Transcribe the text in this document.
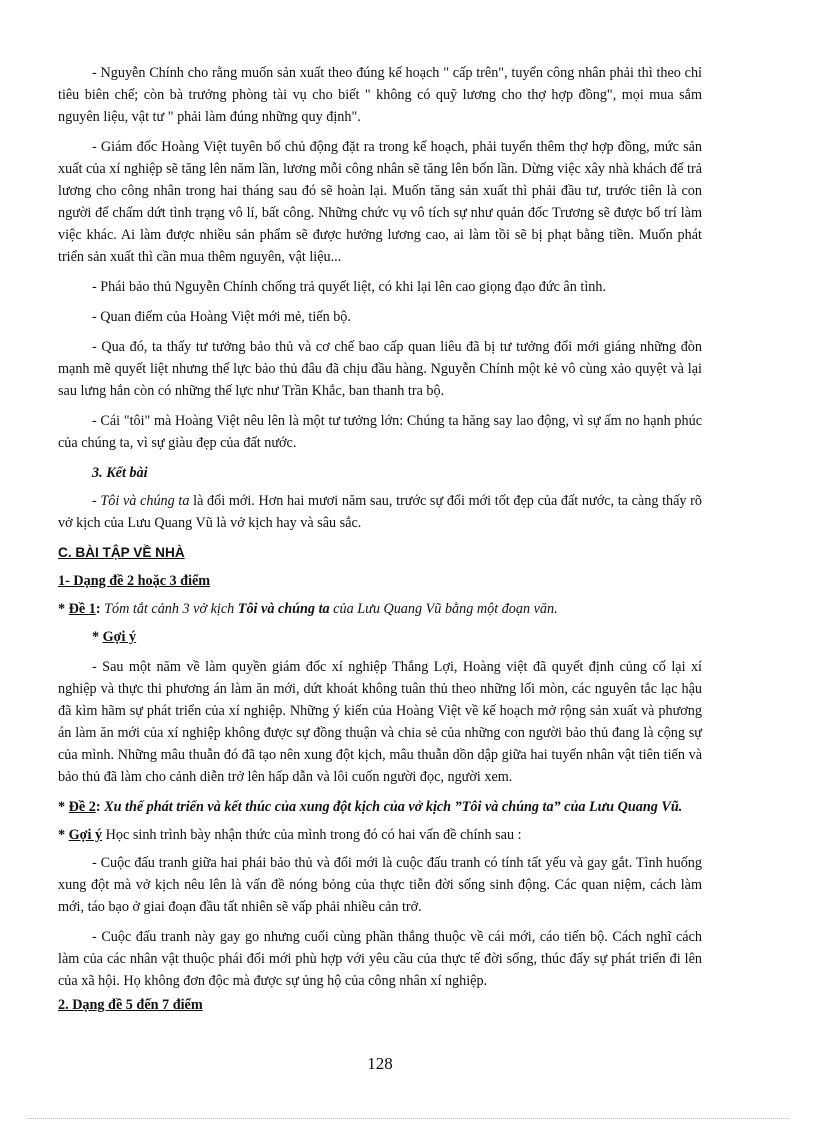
- Nguyễn Chính cho rằng muốn sản xuất theo đúng kế hoạch " cấp trên", tuyển công nhân phải thì theo chỉ tiêu biên chế; còn bà trưởng phòng tài vụ cho biết " không có quỹ lương cho thợ hợp đồng", mọi mua sắm nguyên liệu, vật tư " phải làm đúng những quy định".

- Giám đốc Hoàng Việt tuyên bố chủ động đặt ra trong kế hoạch, phải tuyển thêm thợ hợp đồng, mức sản xuất của xí nghiệp sẽ tăng lên năm lần, lương mỗi công nhân sẽ tăng lên bốn lần. Dừng việc xây nhà khách để trả lương cho công nhân trong hai tháng sau đó sẽ hoàn lại. Muốn tăng sản xuất thì phải đầu tư, trước tiên là con người để chấm dứt tình trạng vô lí, bất công. Những chức vụ vô tích sự như quản đốc Trương sẽ được bố trí làm việc khác. Ai làm được nhiều sản phẩm sẽ được hưởng lương cao, ai làm tồi sẽ bị phạt bằng tiền. Muốn phát triển sản xuất thì cần mua thêm nguyên, vật liệu...

- Phái bảo thủ Nguyễn Chính chống trả quyết liệt, có khi lại lên cao giọng đạo đức ân tình.

- Quan điểm của Hoàng Việt mới mẻ, tiến bộ.

- Qua đó, ta thấy tư tưởng bảo thủ và cơ chế bao cấp quan liêu đã bị tư tưởng đổi mới giáng những đòn mạnh mẽ quyết liệt nhưng thế lực bảo thủ đâu đã chịu đầu hàng. Nguyễn Chính một kẻ vô cùng xảo quyệt và lại sau lưng hắn còn có những thế lực như Trần Khắc, ban thanh tra bộ.

- Cái "tôi" mà Hoàng Việt nêu lên là một tư tưởng lớn: Chúng ta hăng say lao động, vì sự ấm no hạnh phúc của chúng ta, vì sự giàu đẹp của đất nước.

3. Kết bài

- Tôi và chúng ta là đổi mới. Hơn hai mươi năm sau, trước sự đổi mới tốt đẹp của đất nước, ta càng thấy rõ vở kịch của Lưu Quang Vũ là vở kịch hay và sâu sắc.

C. BÀI TẬP VỀ NHÀ

1- Dạng đề 2 hoặc 3 điểm

* Đề 1: Tóm tắt cảnh 3 vở kịch Tôi và chúng ta của Lưu Quang Vũ bằng một đoạn văn.

* Gợi ý

- Sau một năm về làm quyền giám đốc xí nghiệp Thắng Lợi, Hoàng việt đã quyết định củng cố lại xí nghiệp và thực thi phương án làm ăn mới, dứt khoát không tuân thủ theo những lối mòn, các nguyên tắc lạc hậu đã kìm hãm sự phát triển của xí nghiệp. Những ý kiến của Hoàng Việt về kế hoạch mở rộng sản xuất và phương án làm ăn mới của xí nghiệp không được sự đồng thuận và chia sẻ của những con người bảo thủ đang là cộng sự của mình. Những mâu thuẫn đó đã tạo nên xung đột kịch, mâu thuẫn dồn dập giữa hai tuyến nhân vật tiên tiến và bảo thủ đã làm cho cảnh diễn trở lên hấp dẫn và lôi cuốn người đọc, người xem.

* Đề 2: Xu thế phát triển và kết thúc của xung đột kịch của vở kịch ”Tôi và chúng ta” của Lưu Quang Vũ.

* Gợi ý Học sinh trình bày nhận thức của mình trong đó có hai vấn đề chính sau :

- Cuộc đấu tranh giữa hai phái bảo thủ và đổi mới là cuộc đấu tranh có tính tất yếu và gay gắt. Tình huống xung đột mà vở kịch nêu lên là vấn đề nóng bỏng của thực tiễn đời sống sinh động. Các quan niệm, cách làm mới, táo bạo ở giai đoạn đầu tất nhiên sẽ vấp phải nhiều cản trở.

- Cuộc đấu tranh này gay go nhưng cuối cùng phần thắng thuộc về cái mới, cáo tiến bộ. Cách nghĩ cách làm của các nhân vật thuộc phái đổi mới phù hợp với yêu cầu của thực tế đời sống, thúc đẩy sự phát triển đi lên của xã hội. Họ không đơn độc mà được sự ủng hộ của công nhân xí nghiệp.

2. Dạng đề 5 đến 7 điểm

128
